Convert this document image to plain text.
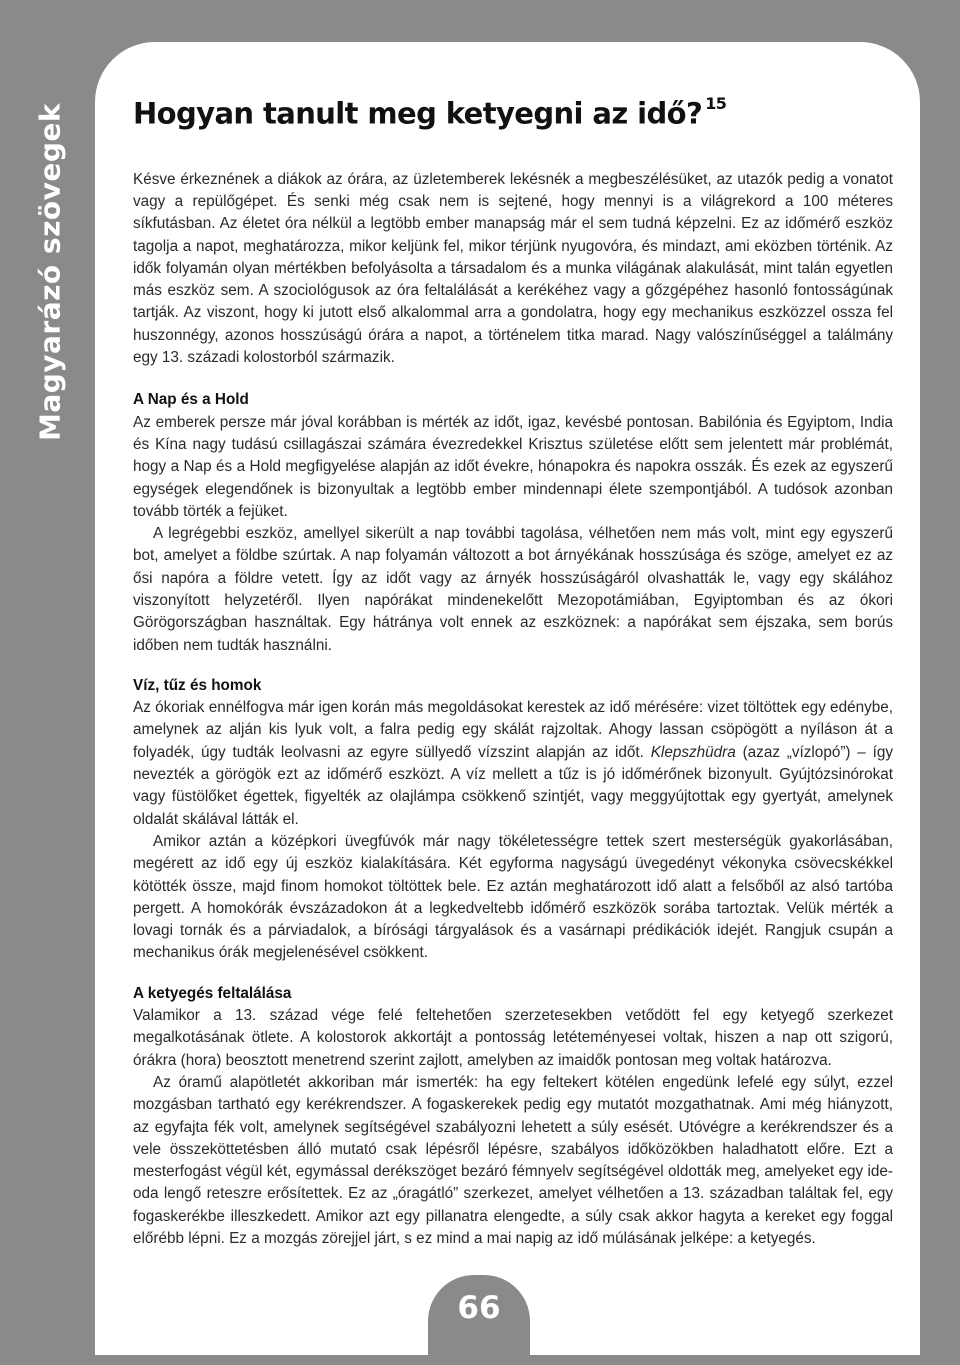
Magyarázó szövegek Hogyan tanult meg ketyegni az idő? $^{15}$

Késve érkeznének a diákok az órára, az üzletemberek lekésnék a megbeszélésüket, az utazók pedig a vonatot vagy a repülőgépet. És senki még csak nem is sejtené, hogy mennyi is a világrekord a 100 méteres síkfutásban. Az életet óra nélkül a legtöbb ember manapság már el sem tudná képzelni. Ez az időmérő eszköz tagolja a napot, meghatározza, mikor keljünk fel, mikor térjünk nyugovóra, és mindazt, ami eközben történik. Az idők folyamán olyan mértékben befolyásolta a társadalom és a munka világának alakulását, mint talán egyetlen más eszköz sem. A szociológusok az óra feltalálását a kerékéhez vagy a gőzgépéhez hasonló fontosságúnak tartják. Az viszont, hogy ki jutott első alkalommal arra a gondolatra, hogy egy mechanikus eszközzel ossza fel huszonnégy, azonos hosszúságú órára a napot, a történelem titka marad. Nagy valószínűséggel a találmány egy 13. századi kolostorból származik.

A Nap és a Hold

Az emberek persze már jóval korábban is mérték az időt, igaz, kevésbé pontosan. Babilónia és Egyiptom, India és Kína nagy tudású csillagászai számára évezredekkel Krisztus születése előtt sem jelentett már problémát, hogy a Nap és a Hold megfigyelése alapján az időt évekre, hónapokra és napokra osszák. És ezek az egyszerű egységek elegendőnek is bizonyultak a legtöbb ember mindennapi élete szempontjából. A tudósok azonban tovább törték a fejüket.

A legrégebbi eszköz, amellyel sikerült a nap további tagolása, vélhetően nem más volt, mint egy egyszerű bot, amelyet a földbe szúrtak. A nap folyamán változott a bot árnyékának hosszúsága és szöge, amelyet ez az ősi napóra a földre vetett. Így az időt vagy az árnyék hosszúságáról olvashatták le, vagy egy skálához viszonyított helyzetéről. Ilyen napórákat mindenekelőtt Mezopotámiában, Egyiptomban és az ókori Görögországban használtak. Egy hátránya volt ennek az eszköznek: a napórákat sem éjszaka, sem borús időben nem tudták használni.

Víz, tűz és homok

Az ókoriak ennélfogva már igen korán más megoldásokat kerestek az idő mérésére: vizet töltöttek egy edénybe, amelynek az alján kis lyuk volt, a falra pedig egy skálát rajzoltak. Ahogy lassan csöpögött a nyíláson át a folyadék, úgy tudták leolvasni az egyre süllyedő vízszint alapján az időt. Klepszhüdra (azaz „vízlopó”) – így nevezték a görögök ezt az időmérő eszközt. A víz mellett a tűz is jó időmérőnek bizonyult. Gyújtózsinórokat vagy füstölőket égettek, figyelték az olajlámpa csökkenő szintjét, vagy meggyújtottak egy gyertyát, amelynek oldalát skálával látták el.

Amikor aztán a középkori üvegfúvók már nagy tökéletességre tettek szert mesterségük gyakorlásában, megérett az idő egy új eszköz kialakítására. Két egyforma nagyságú üvegedényt vékonyka csövecskékkel kötötték össze, majd finom homokot töltöttek bele. Ez aztán meghatározott idő alatt a felsőből az alsó tartóba pergett. A homokórák évszázadokon át a legkedveltebb időmérő eszközök sorába tartoztak. Velük mérték a lovagi tornák és a párviadalok, a bírósági tárgyalások és a vasárnapi prédikációk idejét. Rangjuk csupán a mechanikus órák megjelenésével csökkent.

A ketyegés feltalálása

Valamikor a 13. század vége felé feltehetően szerzetesekben vetődött fel egy ketyegő szerkezet megalkotásának ötlete. A kolostorok akkortájt a pontosság letéteményesei voltak, hiszen a nap ott szigorú, órákra (hora) beosztott menetrend szerint zajlott, amelyben az imaidők pontosan meg voltak határozva.

Az óramű alapötletét akkoriban már ismerték: ha egy feltekert kötélen engedünk lefelé egy súlyt, ezzel mozgásban tartható egy kerékrendszer. A fogaskerekek pedig egy mutatót mozgathatnak. Ami még hiányzott, az egyfajta fék volt, amelynek segítségével szabályozni lehetett a súly esését. Utóvégre a kerékrendszer és a vele összeköttetésben álló mutató csak lépésről lépésre, szabályos időközökben haladhatott előre. Ezt a mesterfogást végül két, egymással derékszöget bezáró fémnyelv segítségével oldották meg, amelyeket egy ide-oda lengő reteszre erősítettek. Ez az „óragátló” szerkezet, amelyet vélhetően a 13. században találtak fel, egy fogaskerékbe illeszkedett. Amikor azt egy pillanatra elengedte, a súly csak akkor hagyta a kereket egy foggal előrébb lépni. Ez a mozgás zörejjel járt, s ez mind a mai napig az idő múlásának jelképe: a ketyegés.

66
